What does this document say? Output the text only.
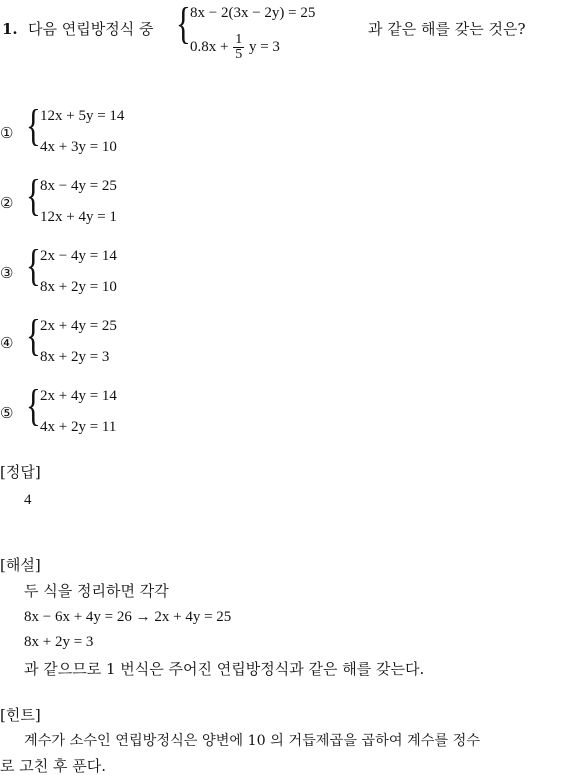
1. 다음 연립방정식 중 { 8x − 2(3x − 2y) = 25
$0.8x + \frac{1}{5}$ y = 3
과 같은 해를 갖는 것은?
① { 12x + 5y = 14
4x + 3y = 10
② { 8x − 4y = 25
12x + 4y = 1
③ { 2x − 4y = 14
8x + 2y = 10
④ { 2x + 4y = 25
8x + 2y = 3
⑤ { 2x + 4y = 14
4x + 2y = 11
[정답]
4
[해설]
두 식을 정리하면 각각
8x − 6x + 4y = 26 → 2x + 4y = 25
8x + 2y = 3
과 같으므로 1 번식은 주어진 연립방정식과 같은 해를 갖는다.
[힌트]
계수가 소수인 연립방정식은 양변에 10 의 거듭제곱을 곱하여 계수를 정수
로 고친 후 푼다.
